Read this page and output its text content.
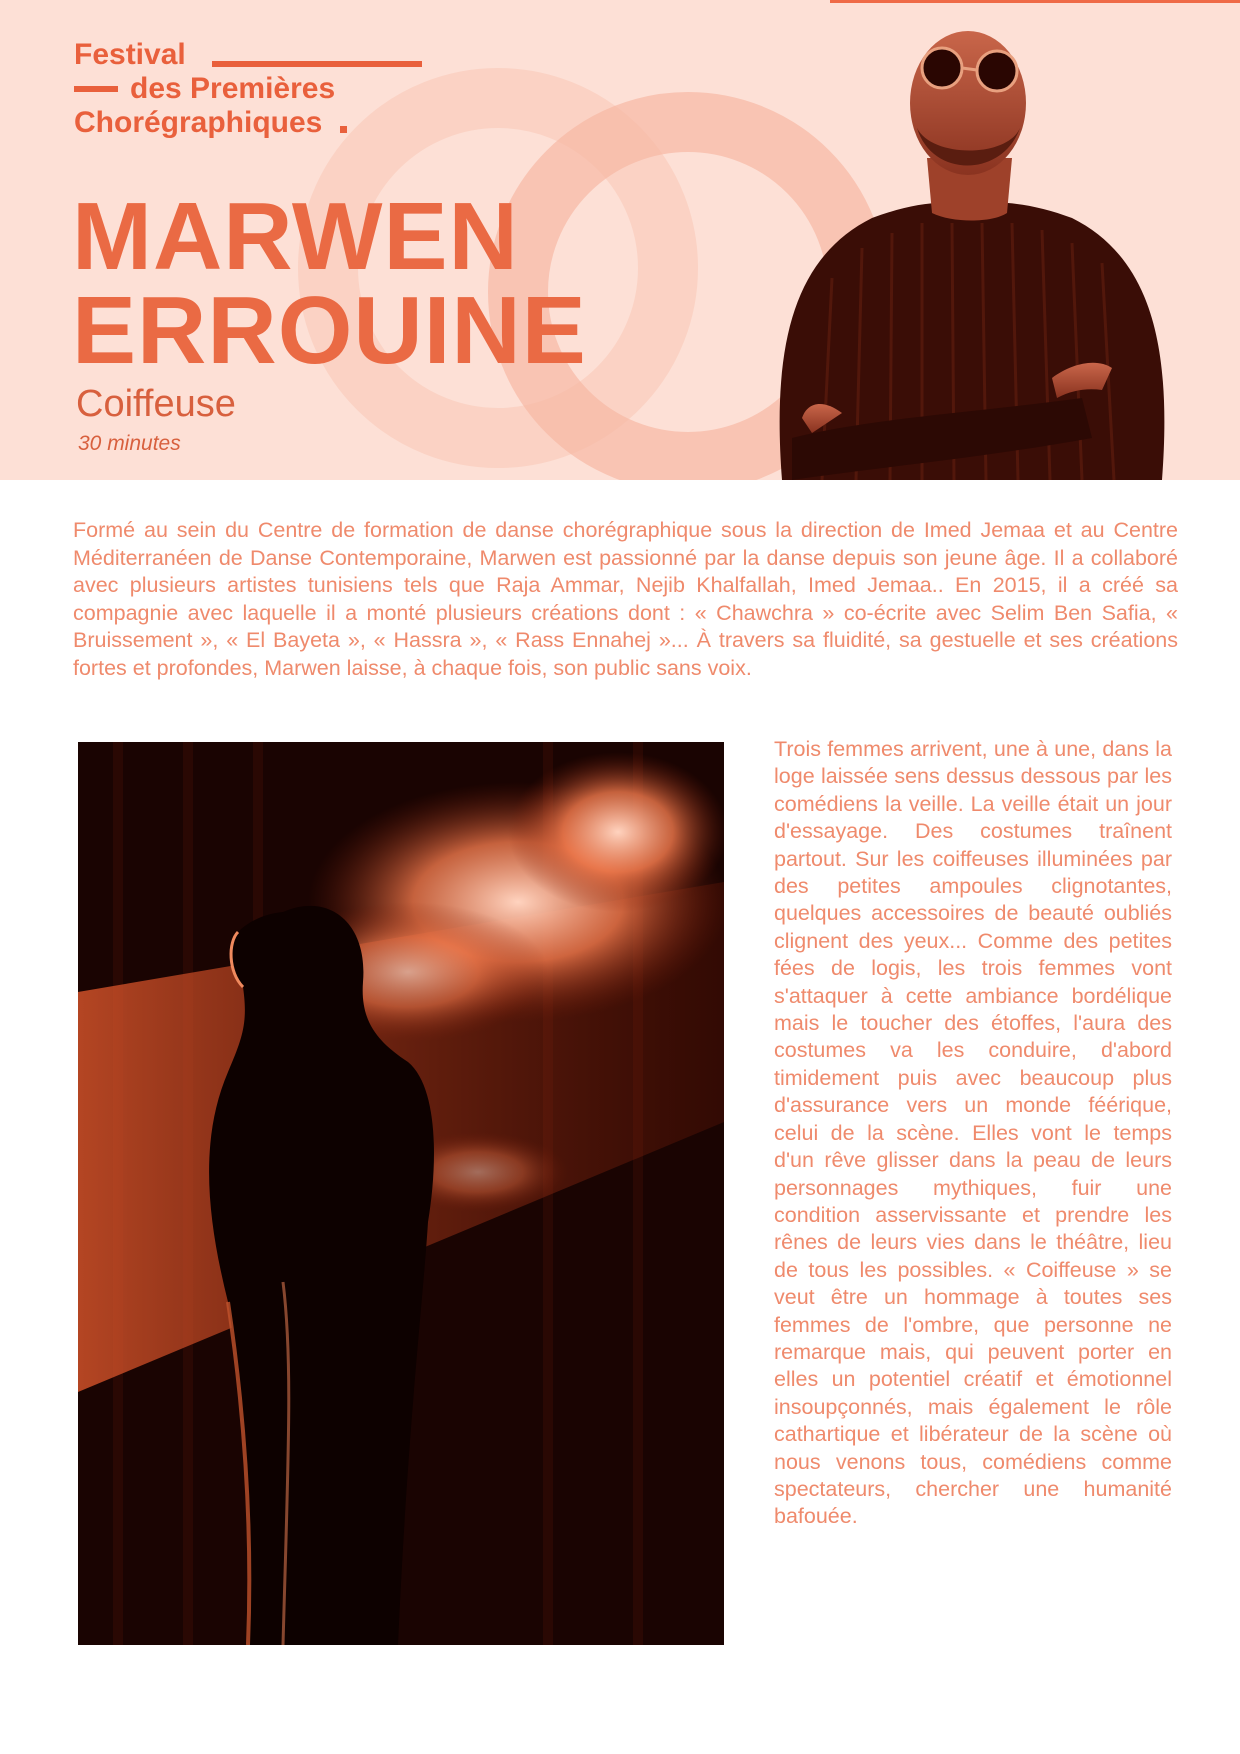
Festival
des Premières
Chorégraphiques
MARWEN
ERROUINE
Coiffeuse
30 minutes

Formé au sein du Centre de formation de danse chorégraphique sous la direction de Imed Jemaa et au Centre Méditerranéen de Danse Contemporaine, Marwen est passionné par la danse depuis son jeune âge. Il a collaboré avec plusieurs artistes tunisiens tels que Raja Ammar, Nejib Khalfallah, Imed Jemaa.. En 2015, il a créé sa compagnie avec laquelle il a monté plusieurs créations dont : « Chawchra » co-écrite avec Selim Ben Safia, « Bruissement », « El Bayeta », « Hassra », « Rass Ennahej »... À travers sa fluidité, sa gestuelle et ses créations fortes et profondes, Marwen laisse, à chaque fois, son public sans voix.

Trois femmes arrivent, une à une, dans la loge laissée sens dessus dessous par les comédiens la veille. La veille était un jour d'essayage. Des costumes traînent partout. Sur les coiffeuses illuminées par des petites ampoules clignotantes, quelques accessoires de beauté oubliés clignent des yeux... Comme des petites fées de logis, les trois femmes vont s'attaquer à cette ambiance bordélique mais le toucher des étoffes, l'aura des costumes va les conduire, d'abord timidement puis avec beaucoup plus d'assurance vers un monde féérique, celui de la scène. Elles vont le temps d'un rêve glisser dans la peau de leurs personnages mythiques, fuir une condition asservissante et prendre les rênes de leurs vies dans le théâtre, lieu de tous les possibles. « Coiffeuse » se veut être un hommage à toutes ses femmes de l'ombre, que personne ne remarque mais, qui peuvent porter en elles un potentiel créatif et émotionnel insoupçonnés, mais également le rôle cathartique et libérateur de la scène où nous venons tous, comédiens comme spectateurs, chercher une humanité bafouée.
